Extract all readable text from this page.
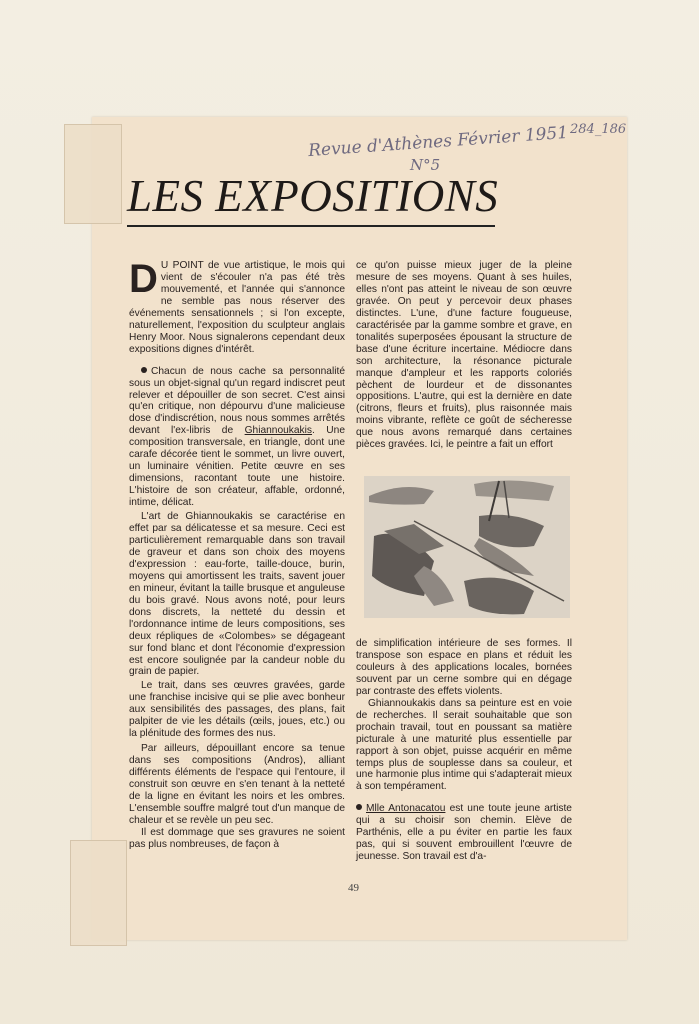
Revue d'Athènes Février 1951
N°5
284_186
LES EXPOSITIONS

D U POINT de vue artistique, le mois qui vient de s'écouler n'a pas été très mouvementé, et l'année qui s'annonce ne semble pas nous réserver des événements sensationnels ; si l'on excepte, naturellement, l'exposition du sculpteur anglais Henry Moor. Nous signalerons cependant deux expositions dignes d'intérêt.

Chacun de nous cache sa personnalité sous un objet-signal qu'un regard indiscret peut relever et dépouiller de son secret. C'est ainsi qu'en critique, non dépourvu d'une malicieuse dose d'indiscrétion, nous nous sommes arrêtés devant l'ex-libris de Ghiannoukakis. Une composition transversale, en triangle, dont une carafe décorée tient le sommet, un livre ouvert, un luminaire vénitien. Petite œuvre en ses dimensions, racontant toute une histoire. L'histoire de son créateur, affable, ordonné, intime, délicat.

L'art de Ghiannoukakis se caractérise en effet par sa délicatesse et sa mesure. Ceci est particulièrement remarquable dans son travail de graveur et dans son choix des moyens d'expression : eau-forte, taille-douce, burin, moyens qui amortissent les traits, savent jouer en mineur, évitant la taille brusque et anguleuse du bois gravé. Nous avons noté, pour leurs dons discrets, la netteté du dessin et l'ordonnance intime de leurs compositions, ses deux répliques de «Colombes» se dégageant sur fond blanc et dont l'économie d'expression est encore soulignée par la candeur noble du grain de papier.

Le trait, dans ses œuvres gravées, garde une franchise incisive qui se plie avec bonheur aux sensibilités des passages, des plans, fait palpiter de vie les détails (œils, joues, etc.) ou la plénitude des formes des nus.

Par ailleurs, dépouillant encore sa tenue dans ses compositions (Andros), alliant différents éléments de l'espace qui l'entoure, il construit son œuvre en s'en tenant à la netteté de la ligne en évitant les noirs et les ombres. L'ensemble souffre malgré tout d'un manque de chaleur et se revèle un peu sec.

Il est dommage que ses gravures ne soient pas plus nombreuses, de façon à

ce qu'on puisse mieux juger de la pleine mesure de ses moyens. Quant à ses huiles, elles n'ont pas atteint le niveau de son œuvre gravée. On peut y percevoir deux phases distinctes. L'une, d'une facture fougueuse, caractérisée par la gamme sombre et grave, en tonalités superposées épousant la structure de base d'une écriture incertaine. Médiocre dans son architecture, la résonance picturale manque d'ampleur et les rapports coloriés pèchent de lourdeur et de dissonantes oppositions. L'autre, qui est la dernière en date (citrons, fleurs et fruits), plus raisonnée mais moins vibrante, reflète ce goût de sécheresse que nous avons remarqué dans certaines pièces gravées. Ici, le peintre a fait un effort

de simplification intérieure de ses formes. Il transpose son espace en plans et réduit les couleurs à des applications locales, bornées souvent par un cerne sombre qui en dégage par contraste des effets violents.

Ghiannoukakis dans sa peinture est en voie de recherches. Il serait souhaitable que son prochain travail, tout en poussant sa matière picturale à une maturité plus essentielle par rapport à son objet, puisse acquérir en même temps plus de souplesse dans sa couleur, et une harmonie plus intime qui s'adapterait mieux à son tempérament.

Mlle Antonacatou est une toute jeune artiste qui a su choisir son chemin. Elève de Parthénis, elle a pu éviter en partie les faux pas, qui si souvent embrouillent l'œuvre de jeunesse. Son travail est d'a-

49
